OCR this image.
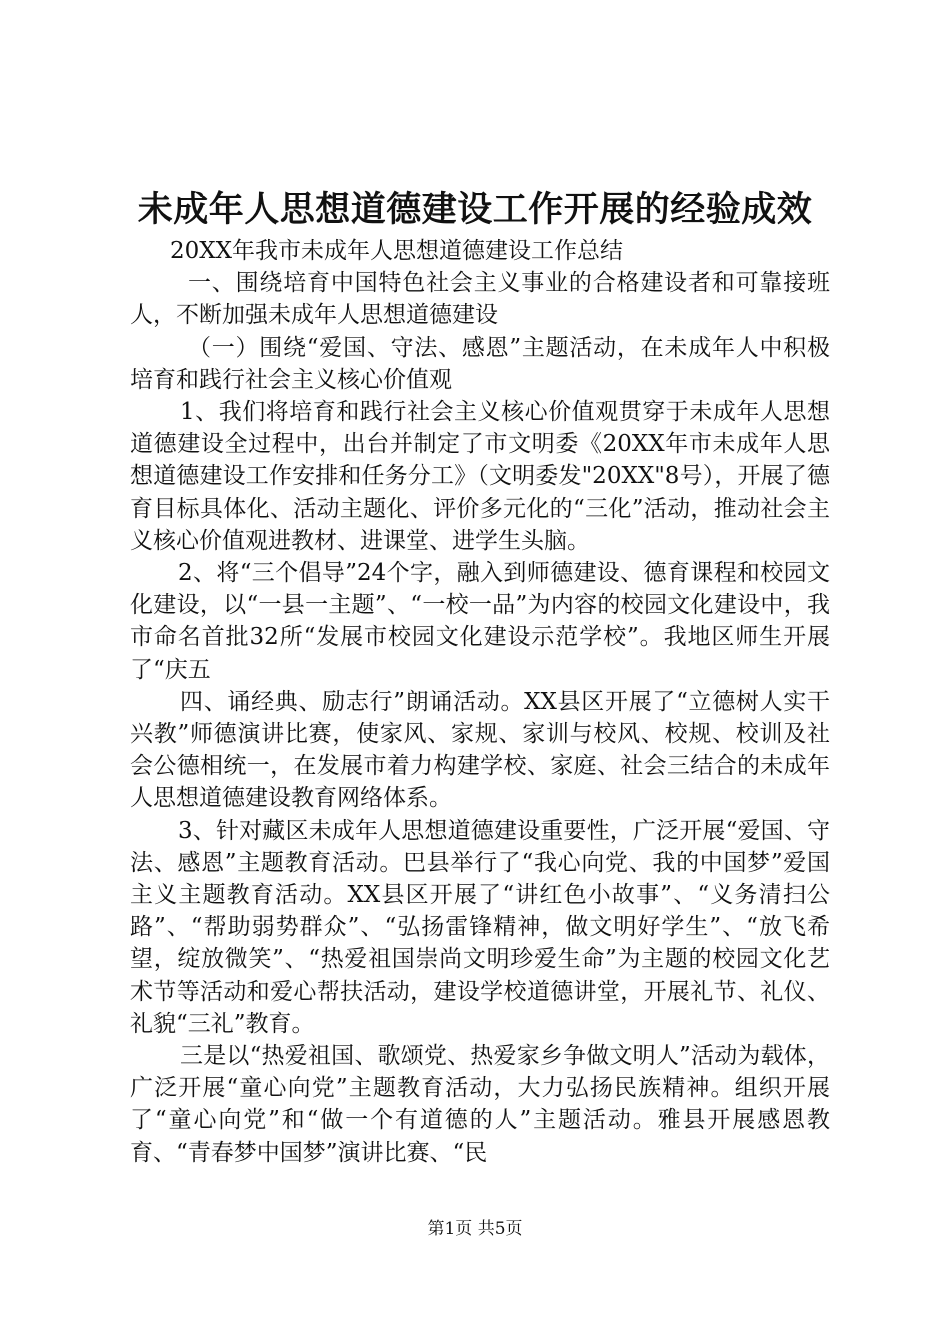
未成年人思想道德建设工作开展的经验成效

20XX年我市未成年人思想道德建设工作总结

一、围绕培育中国特色社会主义事业的合格建设者和可靠接班人，不断加强未成年人思想道德建设

（一）围绕“爱国、守法、感恩”主题活动，在未成年人中积极培育和践行社会主义核心价值观

1、我们将培育和践行社会主义核心价值观贯穿于未成年人思想道德建设全过程中，出台并制定了市文明委《20XX年市未成年人思想道德建设工作安排和任务分工》（文明委发"20XX"8号），开展了德育目标具体化、活动主题化、评价多元化的“三化”活动，推动社会主义核心价值观进教材、进课堂、进学生头脑。

2、将“三个倡导”24个字，融入到师德建设、德育课程和校园文化建设，以“一县一主题”、“一校一品”为内容的校园文化建设中，我市命名首批32所“发展市校园文化建设示范学校”。我地区师生开展了“庆五

四、诵经典、励志行”朗诵活动。XX县区开展了“立德树人实干兴教”师德演讲比赛，使家风、家规、家训与校风、校规、校训及社会公德相统一，在发展市着力构建学校、家庭、社会三结合的未成年人思想道德建设教育网络体系。

3、针对藏区未成年人思想道德建设重要性，广泛开展“爱国、守法、感恩”主题教育活动。巴县举行了“我心向党、我的中国梦”爱国主义主题教育活动。XX县区开展了“讲红色小故事”、“义务清扫公路”、“帮助弱势群众”、“弘扬雷锋精神，做文明好学生”、“放飞希望，绽放微笑”、“热爱祖国崇尚文明珍爱生命”为主题的校园文化艺术节等活动和爱心帮扶活动，建设学校道德讲堂，开展礼节、礼仪、礼貌“三礼”教育。

三是以“热爱祖国、歌颂党、热爱家乡争做文明人”活动为载体，广泛开展“童心向党”主题教育活动，大力弘扬民族精神。组织开展了“童心向党”和“做一个有道德的人”主题活动。雅县开展感恩教育、“青春梦中国梦”演讲比赛、“民

第1页 共5页
